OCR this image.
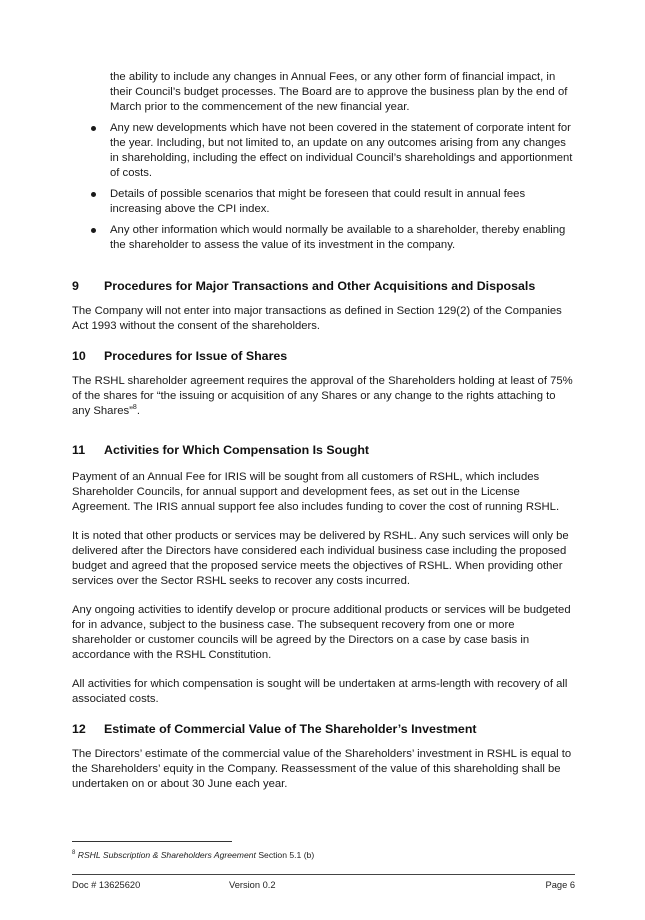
the ability to include any changes in Annual Fees, or any other form of financial impact, in their Council’s budget processes. The Board are to approve the business plan by the end of March prior to the commencement of the new financial year.

Any new developments which have not been covered in the statement of corporate intent for the year. Including, but not limited to, an update on any outcomes arising from any changes in shareholding, including the effect on individual Council’s shareholdings and apportionment of costs.
Details of possible scenarios that might be foreseen that could result in annual fees increasing above the CPI index.
Any other information which would normally be available to a shareholder, thereby enabling the shareholder to assess the value of its investment in the company.
9	Procedures for Major Transactions and Other Acquisitions and Disposals

The Company will not enter into major transactions as defined in Section 129(2) of the Companies Act 1993 without the consent of the shareholders.

10	Procedures for Issue of Shares

The RSHL shareholder agreement requires the approval of the Shareholders holding at least of 75% of the shares for “the issuing or acquisition of any Shares or any change to the rights attaching to any Shares”$^8$.

11	Activities for Which Compensation Is Sought

Payment of an Annual Fee for IRIS will be sought from all customers of RSHL, which includes Shareholder Councils, for annual support and development fees, as set out in the License Agreement. The IRIS annual support fee also includes funding to cover the cost of running RSHL.

It is noted that other products or services may be delivered by RSHL. Any such services will only be delivered after the Directors have considered each individual business case including the proposed budget and agreed that the proposed service meets the objectives of RSHL. When providing other services over the Sector RSHL seeks to recover any costs incurred.

Any ongoing activities to identify develop or procure additional products or services will be budgeted for in advance, subject to the business case. The subsequent recovery from one or more shareholder or customer councils will be agreed by the Directors on a case by case basis in accordance with the RSHL Constitution.

All activities for which compensation is sought will be undertaken at arms-length with recovery of all associated costs.

12	Estimate of Commercial Value of The Shareholder’s Investment

The Directors’ estimate of the commercial value of the Shareholders’ investment in RSHL is equal to the Shareholders’ equity in the Company. Reassessment of the value of this shareholding shall be undertaken on or about 30 June each year.

$^8$ RSHL Subscription & Shareholders Agreement Section 5.1 (b)
Doc # 13625620	Version 0.2	Page 6
